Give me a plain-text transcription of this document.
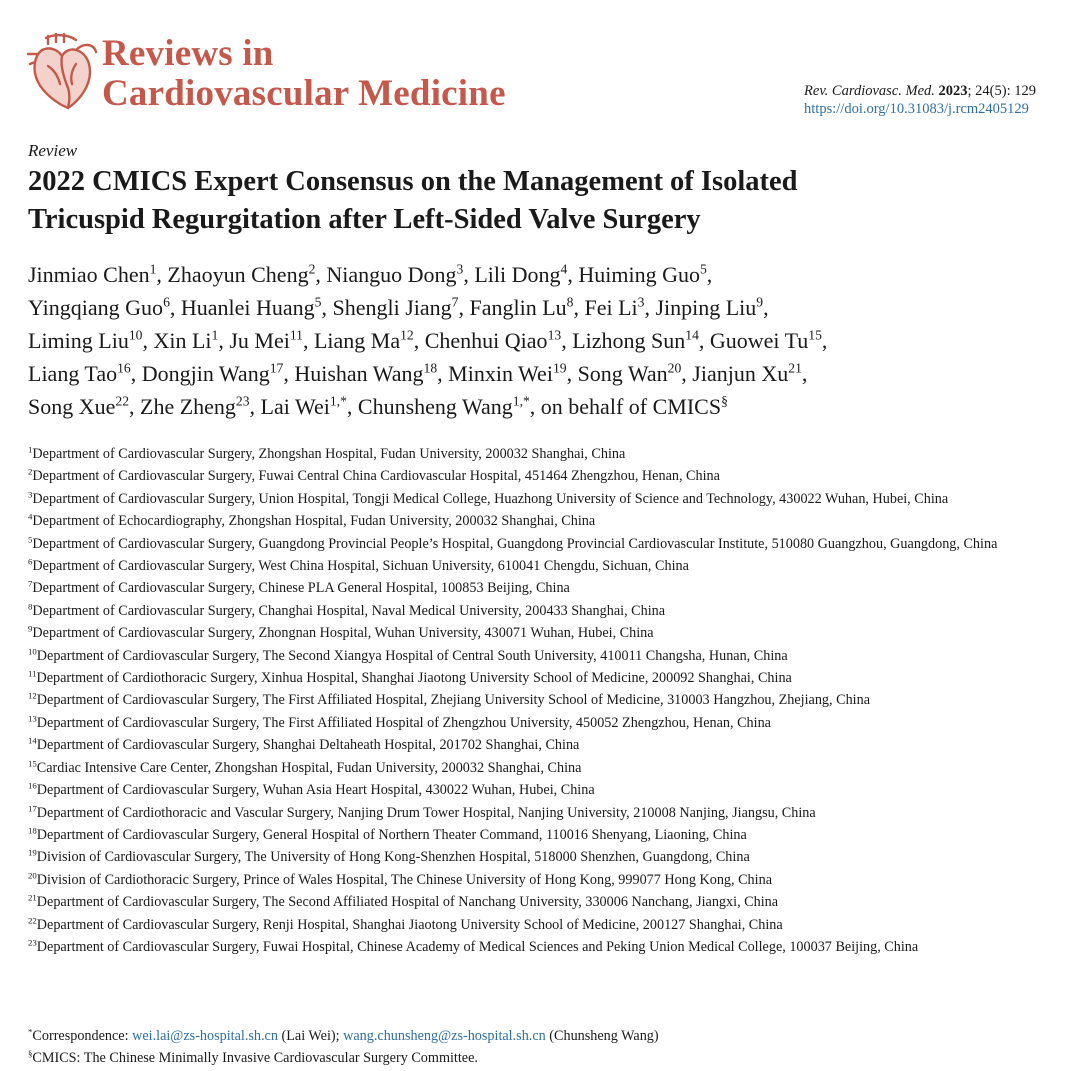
Reviews in
Cardiovascular Medicine	Rev. Cardiovasc. Med. 2023; 24(5): 129
https://doi.org/10.31083/j.rcm2405129
Review
2022 CMICS Expert Consensus on the Management of Isolated
Tricuspid Regurgitation after Left-Sided Valve Surgery
Jinmiao Chen$^1$, Zhaoyun Cheng$^2$, Nianguo Dong$^3$, Lili Dong$^4$, Huiming Guo$^5$,
Yingqiang Guo$^6$, Huanlei Huang$^5$, Shengli Jiang$^7$, Fanglin Lu$^8$, Fei Li$^3$, Jinping Liu$^9$,
Liming Liu$^{10}$, Xin Li$^1$, Ju Mei$^{11}$, Liang Ma$^{12}$, Chenhui Qiao$^{13}$, Lizhong Sun$^{14}$, Guowei Tu$^{15}$,
Liang Tao$^{16}$, Dongjin Wang$^{17}$, Huishan Wang$^{18}$, Minxin Wei$^{19}$, Song Wan$^{20}$, Jianjun Xu$^{21}$,
Song Xue$^{22}$, Zhe Zheng$^{23}$, Lai Wei$^{1,*}$, Chunsheng Wang$^{1,*}$, on behalf of CMICS§
$^1$Department of Cardiovascular Surgery, Zhongshan Hospital, Fudan University, 200032 Shanghai, China
$^2$Department of Cardiovascular Surgery, Fuwai Central China Cardiovascular Hospital, 451464 Zhengzhou, Henan, China
$^3$Department of Cardiovascular Surgery, Union Hospital, Tongji Medical College, Huazhong University of Science and Technology, 430022 Wuhan, Hubei, China
$^4$Department of Echocardiography, Zhongshan Hospital, Fudan University, 200032 Shanghai, China
$^5$Department of Cardiovascular Surgery, Guangdong Provincial People’s Hospital, Guangdong Provincial Cardiovascular Institute, 510080 Guangzhou, Guangdong, China
$^6$Department of Cardiovascular Surgery, West China Hospital, Sichuan University, 610041 Chengdu, Sichuan, China
$^7$Department of Cardiovascular Surgery, Chinese PLA General Hospital, 100853 Beijing, China
$^8$Department of Cardiovascular Surgery, Changhai Hospital, Naval Medical University, 200433 Shanghai, China
$^9$Department of Cardiovascular Surgery, Zhongnan Hospital, Wuhan University, 430071 Wuhan, Hubei, China
$^{10}$Department of Cardiovascular Surgery, The Second Xiangya Hospital of Central South University, 410011 Changsha, Hunan, China
$^{11}$Department of Cardiothoracic Surgery, Xinhua Hospital, Shanghai Jiaotong University School of Medicine, 200092 Shanghai, China
$^{12}$Department of Cardiovascular Surgery, The First Affiliated Hospital, Zhejiang University School of Medicine, 310003 Hangzhou, Zhejiang, China
$^{13}$Department of Cardiovascular Surgery, The First Affiliated Hospital of Zhengzhou University, 450052 Zhengzhou, Henan, China
$^{14}$Department of Cardiovascular Surgery, Shanghai Deltaheath Hospital, 201702 Shanghai, China
$^{15}$Cardiac Intensive Care Center, Zhongshan Hospital, Fudan University, 200032 Shanghai, China
$^{16}$Department of Cardiovascular Surgery, Wuhan Asia Heart Hospital, 430022 Wuhan, Hubei, China
$^{17}$Department of Cardiothoracic and Vascular Surgery, Nanjing Drum Tower Hospital, Nanjing University, 210008 Nanjing, Jiangsu, China
$^{18}$Department of Cardiovascular Surgery, General Hospital of Northern Theater Command, 110016 Shenyang, Liaoning, China
$^{19}$Division of Cardiovascular Surgery, The University of Hong Kong-Shenzhen Hospital, 518000 Shenzhen, Guangdong, China
$^{20}$Division of Cardiothoracic Surgery, Prince of Wales Hospital, The Chinese University of Hong Kong, 999077 Hong Kong, China
$^{21}$Department of Cardiovascular Surgery, The Second Affiliated Hospital of Nanchang University, 330006 Nanchang, Jiangxi, China
$^{22}$Department of Cardiovascular Surgery, Renji Hospital, Shanghai Jiaotong University School of Medicine, 200127 Shanghai, China
$^{23}$Department of Cardiovascular Surgery, Fuwai Hospital, Chinese Academy of Medical Sciences and Peking Union Medical College, 100037 Beijing, China
*Correspondence: wei.lai@zs-hospital.sh.cn (Lai Wei); wang.chunsheng@zs-hospital.sh.cn (Chunsheng Wang)
§CMICS: The Chinese Minimally Invasive Cardiovascular Surgery Committee.
